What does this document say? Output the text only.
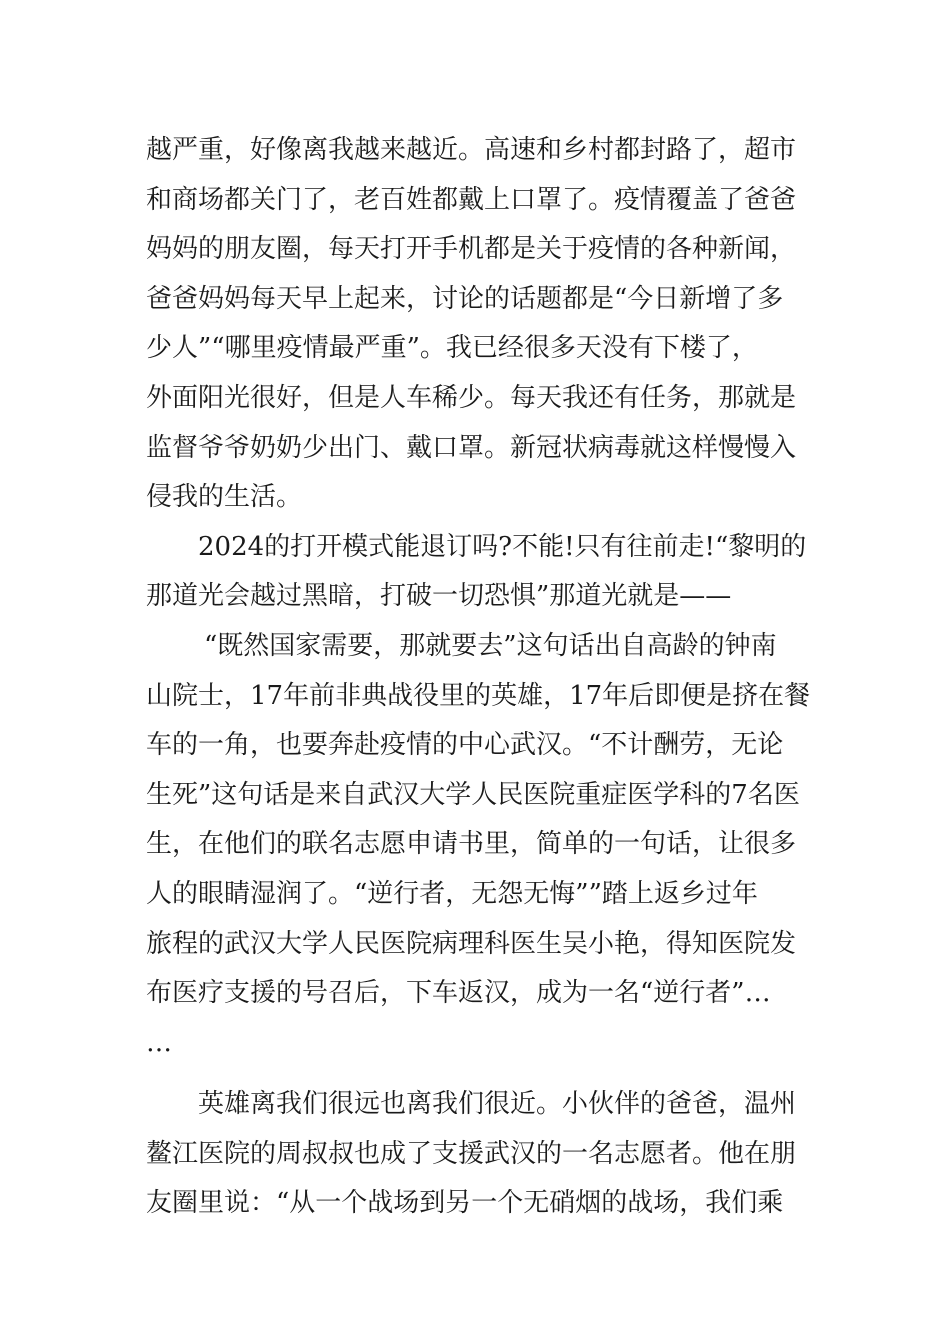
越严重，好像离我越来越近。高速和乡村都封路了，超市
和商场都关门了，老百姓都戴上口罩了。疫情覆盖了爸爸
妈妈的朋友圈，每天打开手机都是关于疫情的各种新闻，
爸爸妈妈每天早上起来，讨论的话题都是“今日新增了多
少人”“哪里疫情最严重”。我已经很多天没有下楼了，
外面阳光很好，但是人车稀少。每天我还有任务，那就是
监督爷爷奶奶少出门、戴口罩。新冠状病毒就这样慢慢入
侵我的生活。
2024的打开模式能退订吗?不能!只有往前走!“黎明的
那道光会越过黑暗，打破一切恐惧”那道光就是——
“既然国家需要，那就要去”这句话出自高龄的钟南
山院士，17年前非典战役里的英雄，17年后即便是挤在餐
车的一角，也要奔赴疫情的中心武汉。“不计酬劳，无论
生死”这句话是来自武汉大学人民医院重症医学科的7名医
生，在他们的联名志愿申请书里，简单的一句话，让很多
人的眼睛湿润了。“逆行者，无怨无悔””踏上返乡过年
旅程的武汉大学人民医院病理科医生吴小艳，得知医院发
布医疗支援的号召后，下车返汉，成为一名“逆行者”…
…
英雄离我们很远也离我们很近。小伙伴的爸爸，温州
鳌江医院的周叔叔也成了支援武汉的一名志愿者。他在朋
友圈里说：“从一个战场到另一个无硝烟的战场，我们乘
